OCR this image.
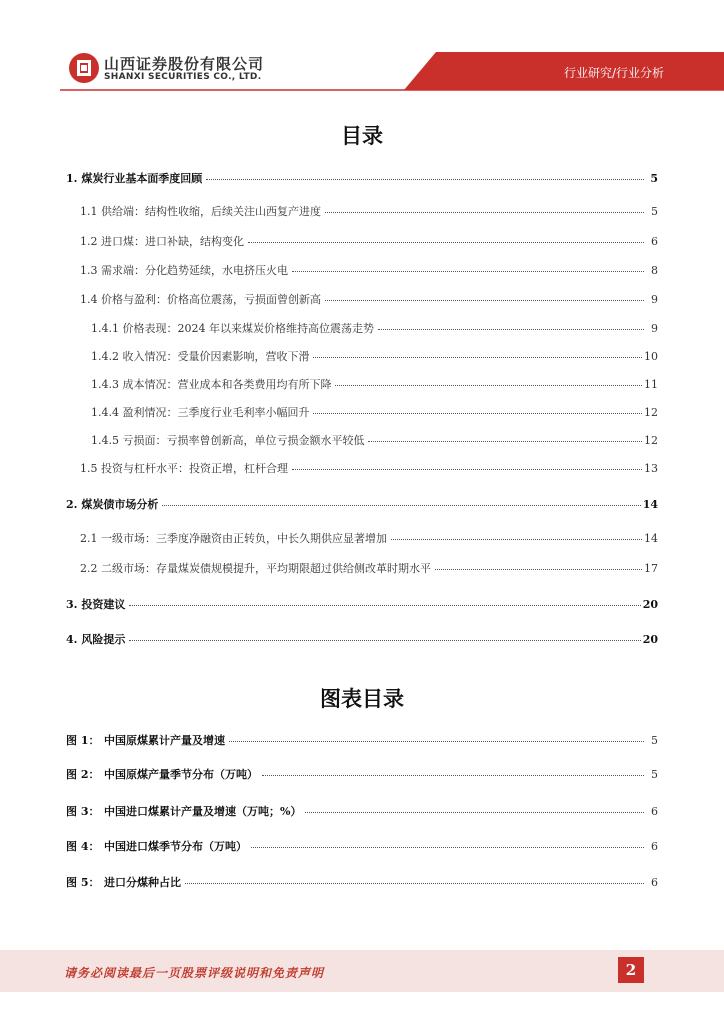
山西证券股份有限公司
SHANXI SECURITIES CO., LTD.	行业研究/行业分析
目录
1. 煤炭行业基本面季度回顾	5
1.1 供给端：结构性收缩，后续关注山西复产进度	5
1.2 进口煤：进口补缺，结构变化	6
1.3 需求端：分化趋势延续，水电挤压火电	8
1.4 价格与盈利：价格高位震荡，亏损面曾创新高	9
1.4.1 价格表现：2024 年以来煤炭价格维持高位震荡走势	9
1.4.2 收入情况：受量价因素影响，营收下滑	10
1.4.3 成本情况：营业成本和各类费用均有所下降	11
1.4.4 盈利情况：三季度行业毛利率小幅回升	12
1.4.5 亏损面：亏损率曾创新高，单位亏损金额水平较低	12
1.5 投资与杠杆水平：投资正增，杠杆合理	13
2. 煤炭债市场分析	14
2.1 一级市场：三季度净融资由正转负，中长久期供应显著增加	14
2.2 二级市场：存量煤炭债规模提升，平均期限超过供给侧改革时期水平	17
3. 投资建议	20
4. 风险提示	20
图表目录
图 1： 中国原煤累计产量及增速	5
图 2： 中国原煤产量季节分布（万吨）	5
图 3： 中国进口煤累计产量及增速（万吨；%）	6
图 4： 中国进口煤季节分布（万吨）	6
图 5： 进口分煤种占比	6
请务必阅读最后一页股票评级说明和免责声明	2
